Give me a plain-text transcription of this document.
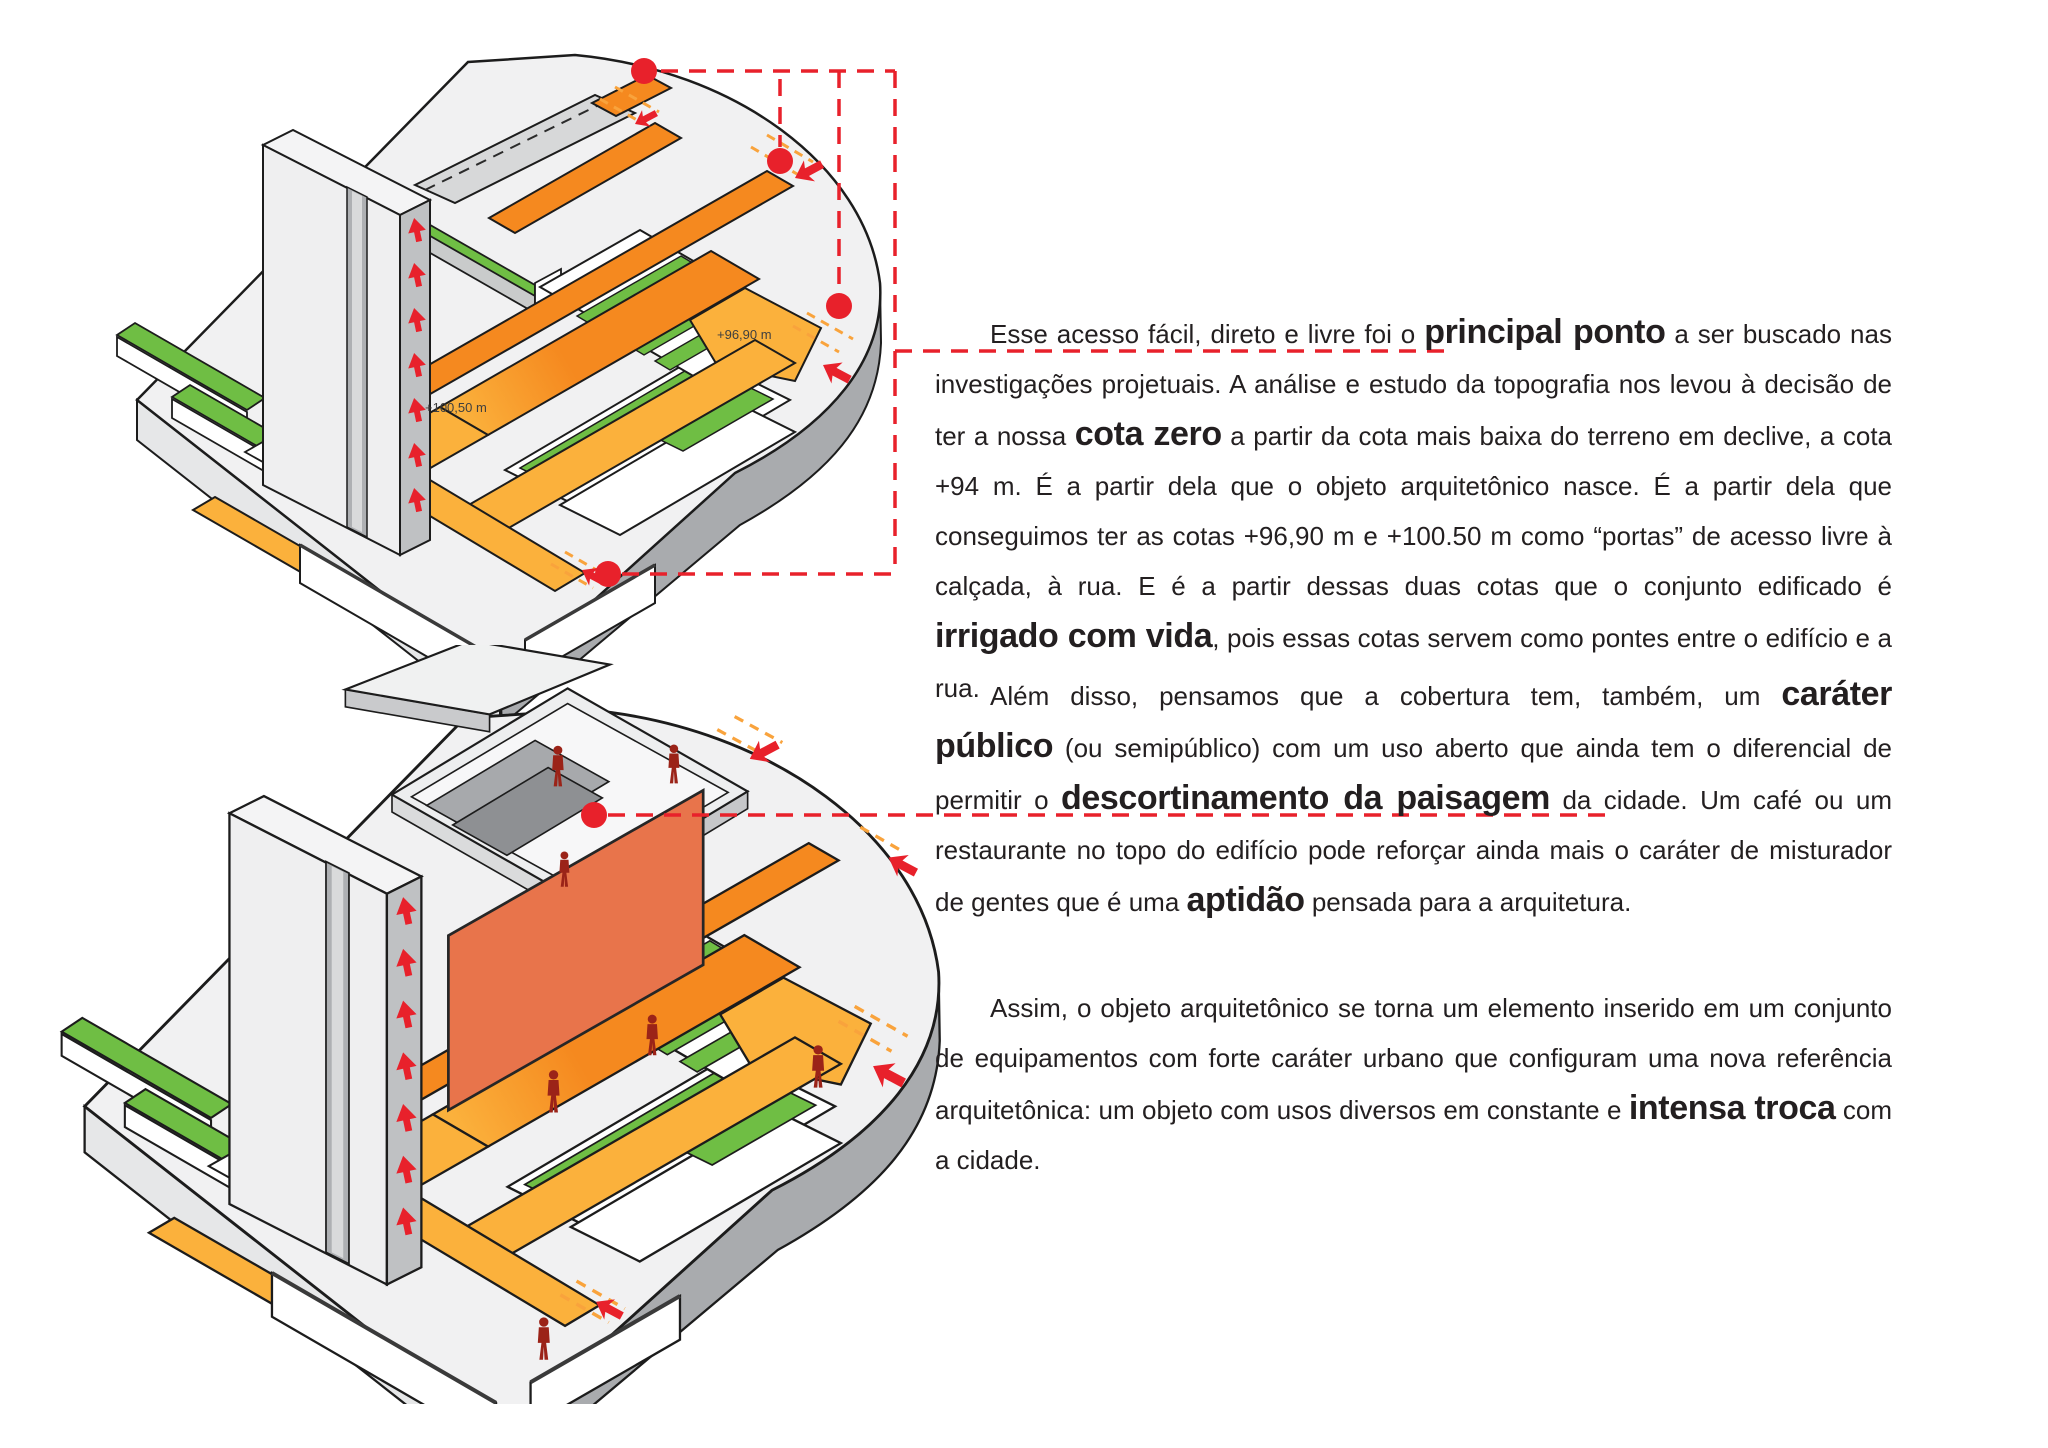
+100,50 m
+96,90 m	Esse acesso fácil, direto e livre foi o principal ponto a ser buscado nas investigações projetuais. A análise e estudo da topografia nos levou à decisão de ter a nossa cota zero a partir da cota mais baixa do terreno em declive, a cota +94 m. É a partir dela que o objeto arquitetônico nasce. É a partir dela que conseguimos ter as cotas +96,90 m e +100.50 m como “portas” de acesso livre à calçada, à rua. E é a partir dessas duas cotas que o conjunto edificado é irrigado com vida, pois essas cotas servem como pontes entre o edifício e a rua. Além disso, pensamos que a cobertura tem, também, um caráter público (ou semipúblico) com um uso aberto que ainda tem o diferencial de permitir o descortinamento da paisagem da cidade. Um café ou um restaurante no topo do edifício pode reforçar ainda mais o caráter de misturador de gentes que é uma aptidão pensada para a arquitetura.

Assim, o objeto arquitetônico se torna um elemento inserido em um conjunto de equipamentos com forte caráter urbano que configuram uma nova referência arquitetônica: um objeto com usos diversos em constante e intensa troca com a cidade.
